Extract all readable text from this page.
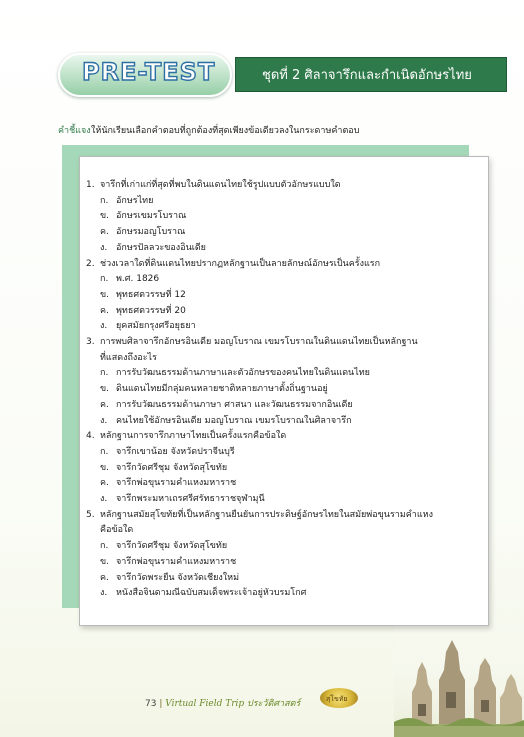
PRE-TEST	ชุดที่ 2 ศิลาจารึกและกำเนิดอักษรไทย
คำชี้แจง ให้นักเรียนเลือกคำตอบที่ถูกต้องที่สุดเพียงข้อเดียวลงในกระดาษคำตอบ
1. จารึกที่เก่าแก่ที่สุดที่พบในดินแดนไทยใช้รูปแบบตัวอักษรแบบใด
ก. อักษรไทย
ข. อักษรเขมรโบราณ
ค. อักษรมอญโบราณ
ง. อักษรปัลลวะของอินเดีย
2. ช่วงเวลาใดที่ดินแดนไทยปรากฏหลักฐานเป็นลายลักษณ์อักษรเป็นครั้งแรก
ก. พ.ศ. 1826
ข. พุทธศตวรรษที่ 12
ค. พุทธศตวรรษที่ 20
ง. ยุคสมัยกรุงศรีอยุธยา
3. การพบศิลาจารึกอักษรอินเดีย มอญโบราณ เขมรโบราณในดินแดนไทยเป็นหลักฐาน
ที่แสดงถึงอะไร
ก. การรับวัฒนธรรมด้านภาษาและตัวอักษรของคนไทยในดินแดนไทย
ข. ดินแดนไทยมีกลุ่มคนหลายชาติหลายภาษาตั้งถิ่นฐานอยู่
ค. การรับวัฒนธรรมด้านภาษา ศาสนา และวัฒนธรรมจากอินเดีย
ง. คนไทยใช้อักษรอินเดีย มอญโบราณ เขมรโบราณในศิลาจารึก
4. หลักฐานการจารึกภาษาไทยเป็นครั้งแรกคือข้อใด
ก. จารึกเขาน้อย จังหวัดปราจีนบุรี
ข. จารึกวัดศรีชุม จังหวัดสุโขทัย
ค. จารึกพ่อขุนรามคำแหงมหาราช
ง. จารึกพระมหาเถรศรีศรัทธาราชจุฬามุนี
5. หลักฐานสมัยสุโขทัยที่เป็นหลักฐานยืนยันการประดิษฐ์อักษรไทยในสมัยพ่อขุนรามคำแหง
คือข้อใด
ก. จารึกวัดศรีชุม จังหวัดสุโขทัย
ข. จารึกพ่อขุนรามคำแหงมหาราช
ค. จารึกวัดพระยืน จังหวัดเชียงใหม่
ง. หนังสือจินดามณีฉบับสมเด็จพระเจ้าอยู่หัวบรมโกศ
73 | Virtual Field Trip ประวัติศาสตร์	สุโขทัย
